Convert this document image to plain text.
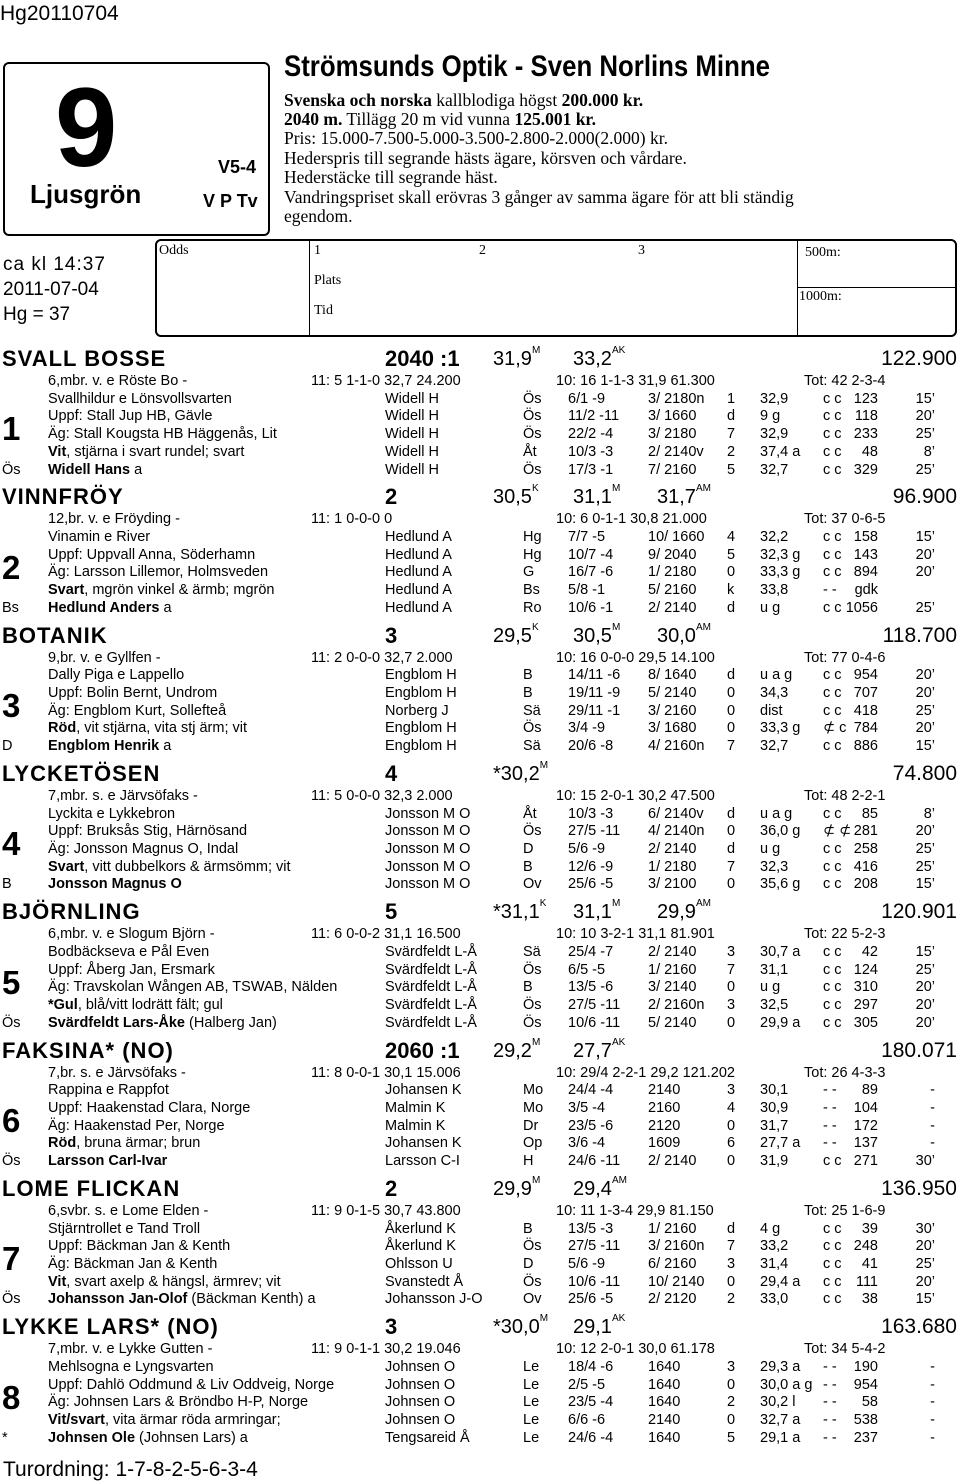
Hg20110704
9
Ljusgrön
V5-4
V P Tv
Strömsunds Optik - Sven Norlins Minne
Svenska och norska kallblodiga högst 200.000 kr.
2040 m. Tillägg 20 m vid vunna 125.001 kr.
Pris: 15.000-7.500-5.000-3.500-2.800-2.000(2.000) kr.
Hederspris till segrande hästs ägare, körsven och vårdare.
Hederstäcke till segrande häst.
Vandringspriset skall erövras 3 gånger av samma ägare för att bli ständig
egendom.
ca kl 14:37
2011-07-04
Hg = 37
Odds	1	2	3
Plats
Tid
500m:
1000m:
SVALL BOSSE	2040 :1 $31,9^M$ $33,2^{AK}$	122.900
6,mbr. v. e Röste Bo -	11: 5 1-1-0 32,7 24.200	10: 16 1-1-3 31,9 61.300	Tot: 42 2-3-4
Svallhildur e Lönsvollsvarten
Uppf: Stall Jup HB, Gävle
Äg: Stall Kougsta HB Häggenås, Lit
Vit, stjärna i svart rundel; svart
Widell Hans a
Widell H	Ös 6/1 -9	3/ 2180n 1 32,9 c c 123	15’
Widell H	Ös 11/2 -11 3/ 1660 d 9 g	c c 118	20’
Widell H	Ös 22/2 -4 3/ 2180 7 32,9 c c 233	25’
Widell H	Åt 10/3 -3 2/ 2140v 2 37,4 a c c	48	8’
Widell H	Ös 17/3 -1 7/ 2160 5 32,7 c c 329	25’
1
Ös
VINNFRÖY	2	$30,5^K$ $31,1^M$ $31,7^{AM}$	96.900
12,br. v. e Fröyding -	11: 1 0-0-0 0	10: 6 0-1-1 30,8 21.000	Tot: 37 0-6-5
Vinamin e River
Uppf: Uppvall Anna, Söderhamn
Äg: Larsson Lillemor, Holmsveden
Svart, mgrön vinkel & ärmb; mgrön
Hedlund Anders a
Hedlund A	Hg 7/7 -5	10/ 1660 4 32,2 c c 158	15’
Hedlund A	Hg 10/7 -4 9/ 2040 5 32,3 g c c 143	20’
Hedlund A	G 16/7 -6 1/ 2180 0 33,3 g c c 894	20’
Hedlund A	Bs 5/8 -1	5/ 2160 k 33,8 - -	gdk
Hedlund A	Ro 10/6 -1 2/ 2140 d u g	c c 1056	25’
2
Bs
BOTANIK	3	$29,5^K$ $30,5^M$ $30,0^{AM}$	118.700
9,br. v. e Gyllfen -	11: 2 0-0-0 32,7 2.000	10: 16 0-0-0 29,5 14.100	Tot: 77 0-4-6
Dally Piga e Lappello
Uppf: Bolin Bernt, Undrom
Äg: Engblom Kurt, Sollefteå
Röd, vit stjärna, vita stj ärm; vit
Engblom Henrik a
Engblom H	B 14/11 -6 8/ 1640 d u a g c c 954	20’
Engblom H	B 19/11 -9 5/ 2140 0 34,3 c c 707	20’
Norberg J	Sä 29/11 -1 3/ 2160 0 dist	c c 418	25’
Engblom H	Ös 3/4 -9	3/ 1680 0 33,3 g ⊄ c 784	20’
Engblom H	Sä 20/6 -8 4/ 2160n 7 32,7 c c 886	15’
3
D
LYCKETÖSEN	4	$*30,2^M$	74.800
7,mbr. s. e Järvsöfaks -	11: 5 0-0-0 32,3 2.000	10: 15 2-0-1 30,2 47.500	Tot: 48 2-2-1
Lyckita e Lykkebron
Uppf: Bruksås Stig, Härnösand
Äg: Jonsson Magnus O, Indal
Svart, vitt dubbelkors & ärmsömm; vit
Jonsson Magnus O
Jonsson M O	Åt 10/3 -3 6/ 2140v d u a g c c	85	8’
Jonsson M O	Ös 27/5 -11 4/ 2140n 0 36,0 g ⊄ ⊄ 281	20’
Jonsson M O	D 5/6 -9	2/ 2140 d u g	c c 258	25’
Jonsson M O	B 12/6 -9 1/ 2180 7 32,3 c c 416	25’
Jonsson M O	Ov 25/6 -5 3/ 2100 0 35,6 g c c 208	15’
4
B
BJÖRNLING	5	$*31,1^K$ $31,1^M$ $29,9^{AM}$	120.901
6,mbr. v. e Slogum Björn -	11: 6 0-0-2 31,1 16.500	10: 10 3-2-1 31,1 81.901	Tot: 22 5-2-3
Bodbäckseva e Pål Even
Uppf: Åberg Jan, Ersmark
Äg: Travskolan Wången AB, TSWAB, Nälden
*Gul, blå/vitt lodrätt fält; gul
Svärdfeldt Lars-Åke (Halberg Jan)
Svärdfeldt L-Å	Sä 25/4 -7 2/ 2140 3 30,7 a c c	42	15’
Svärdfeldt L-Å	Ös 6/5 -5	1/ 2160 7 31,1 c c 124	25’
Svärdfeldt L-Å	B 13/5 -6 3/ 2140 0 u g	c c 310	20’
Svärdfeldt L-Å	Ös 27/5 -11 2/ 2160n 3 32,5 c c 297	20’
Svärdfeldt L-Å	Ös 10/6 -11 5/ 2140 0 29,9 a c c 305	20’
5
Ös
FAKSINA* (NO)	2060 :1 $29,2^M$ $27,7^{AK}$	180.071
7,br. s. e Järvsöfaks -	11: 8 0-0-1 30,1 15.006	10: 29/4 2-2-1 29,2 121.202	Tot: 26 4-3-3
Rappina e Rappfot
Uppf: Haakenstad Clara, Norge
Äg: Haakenstad Per, Norge
Röd, bruna ärmar; brun
Larsson Carl-Ivar
Johansen K	Mo 24/4 -4 2140	3 30,1 - -	89	-
Malmin K	Mo 3/5 -4	2160	4 30,9 - -	104	-
Malmin K	Dr 23/5 -6 2120	0 31,7 - -	172	-
Johansen K	Op 3/6 -4	1609	6 27,7 a - -	137	-
Larsson C-I	H 24/6 -11 2/ 2140 0 31,9 c c 271	30’
6
Ös
LOME FLICKAN	2	$29,9^M$ $29,4^{AM}$	136.950
6,svbr. s. e Lome Elden -	11: 9 0-1-5 30,7 43.800	10: 11 1-3-4 29,9 81.150	Tot: 25 1-6-9
Stjärntrollet e Tand Troll
Uppf: Bäckman Jan & Kenth
Äg: Bäckman Jan & Kenth
Vit, svart axelp & hängsl, ärmrev; vit
Johansson Jan-Olof (Bäckman Kenth) a
Åkerlund K	B 13/5 -3 1/ 2160 d 4 g	c c	39	30’
Åkerlund K	Ös 27/5 -11 3/ 2160n 7 33,2 c c 248	20’
Ohlsson U	D 5/6 -9	6/ 2160 3 31,4 c c	41	25’
Svanstedt Å	Ös 10/6 -11 10/ 2140 0 29,4 a c c 111	20’
Johansson J-O	Ov 25/6 -5 2/ 2120 2 33,0 c c	38	15’
7
Ös
LYKKE LARS* (NO)	3	$*30,0^M$ $29,1^{AK}$	163.680
7,mbr. v. e Lykke Gutten -	11: 9 0-1-1 30,2 19.046	10: 12 2-0-1 30,0 61.178	Tot: 34 5-4-2
Mehlsogna e Lyngsvarten
Uppf: Dahlö Oddmund & Liv Oddveig, Norge
Äg: Johnsen Lars & Bröndbo H-P, Norge
Vit/svart, vita ärmar röda armringar;
Johnsen Ole (Johnsen Lars) a
Johnsen O	Le 18/4 -6 1640	3 29,3 a - -	190	-
Johnsen O	Le 2/5 -5	1640	0 30,0 a g - -	954	-
Johnsen O	Le 23/5 -4 1640	2 30,2 l - -	58	-
Johnsen O	Le 6/6 -6	2140	0 32,7 a - -	538	-
Tengsareid Å	Le 24/6 -4 1640	5 29,1 a - -	237	-
8
*
Turordning: 1-7-8-2-5-6-3-4
